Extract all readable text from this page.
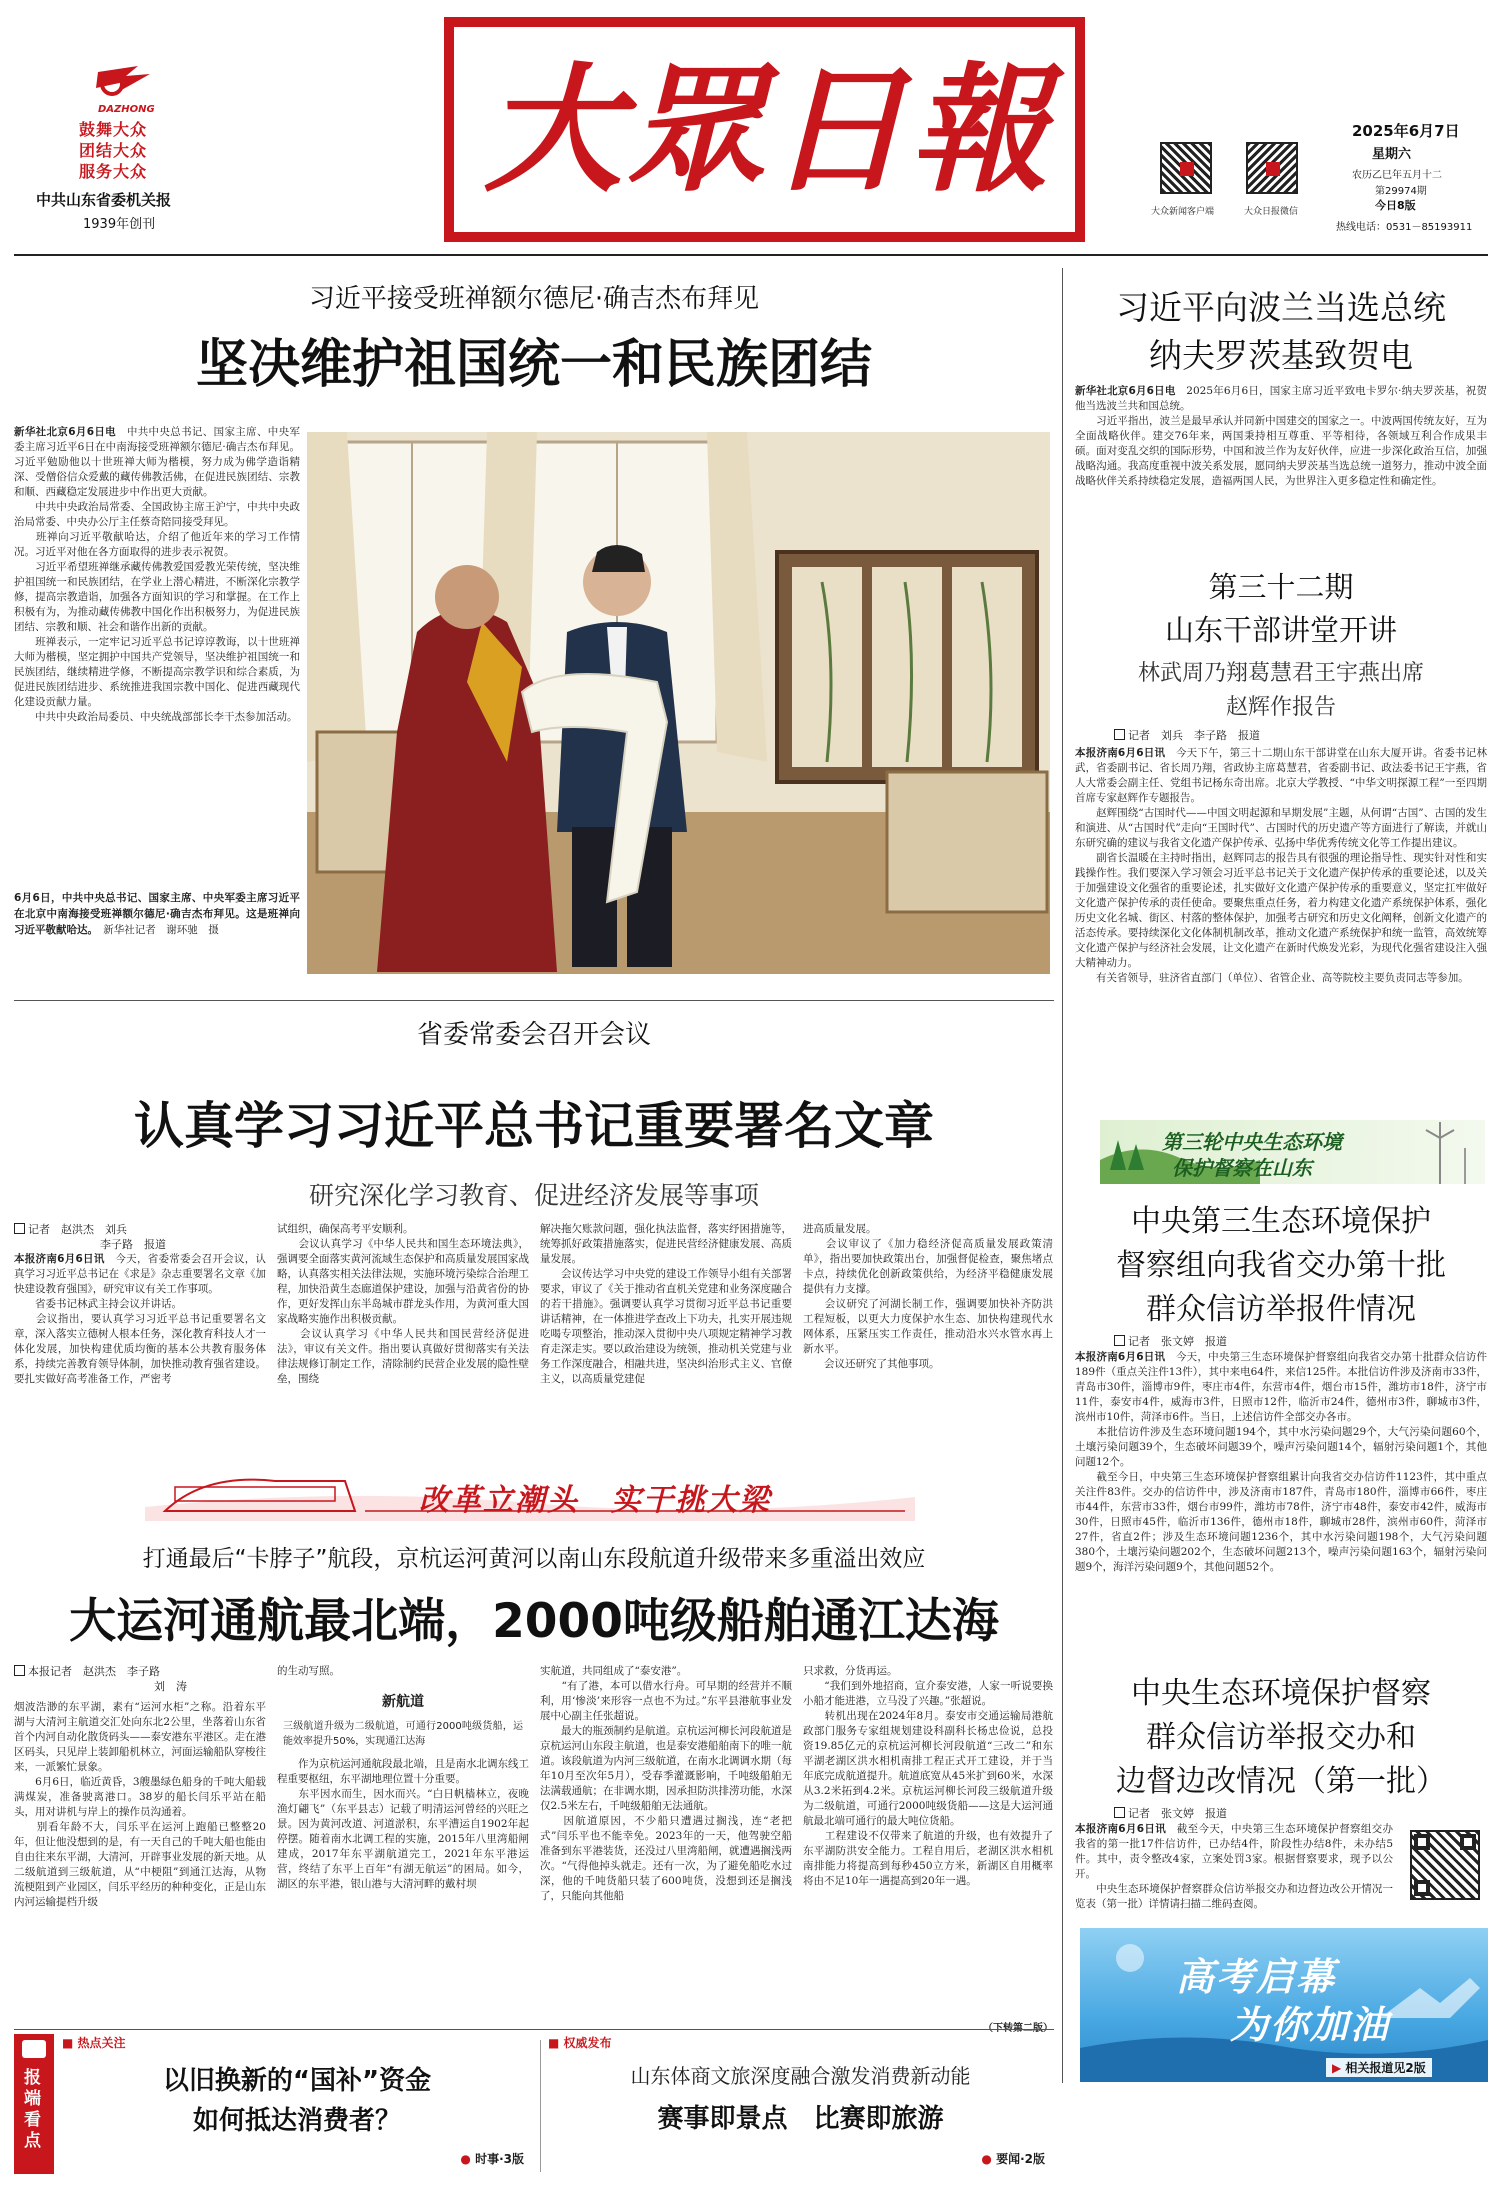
DAZHONG
鼓舞大众
团结大众
服务大众
中共山东省委机关报
1939年创刊
大眾日報
大众新闻客户端	大众日报微信
2025年6月7日
星期六
农历乙巳年五月十二
第29974期
今日8版
热线电话：0531－85193911
习近平接受班禅额尔德尼·确吉杰布拜见
坚决维护祖国统一和民族团结
新华社北京6月6日电　 中共中央总书记、国家主席、中央军委主席习近平6日在中南海接受班禅额尔德尼·确吉杰布拜见。习近平勉励他以十世班禅大师为楷模，努力成为佛学造诣精深、受僧俗信众爱戴的藏传佛教活佛，在促进民族团结、宗教和顺、西藏稳定发展进步中作出更大贡献。
　　中共中央政治局常委、全国政协主席王沪宁，中共中央政治局常委、中央办公厅主任蔡奇陪同接受拜见。
　　班禅向习近平敬献哈达，介绍了他近年来的学习工作情况。习近平对他在各方面取得的进步表示祝贺。
　　习近平希望班禅继承藏传佛教爱国爱教光荣传统，坚决维护祖国统一和民族团结，在学业上潜心精进，不断深化宗教学修，提高宗教造诣，加强各方面知识的学习和掌握。在工作上积极有为，为推动藏传佛教中国化作出积极努力，为促进民族团结、宗教和顺、社会和谐作出新的贡献。
　　班禅表示，一定牢记习近平总书记谆谆教诲，以十世班禅大师为楷模，坚定拥护中国共产党领导，坚决维护祖国统一和民族团结，继续精进学修，不断提高宗教学识和综合素质，为促进民族团结进步、系统推进我国宗教中国化、促进西藏现代化建设贡献力量。
　　中共中央政治局委员、中央统战部部长李干杰参加活动。
6月6日，中共中央总书记、国家主席、中央军委主席习近平在北京中南海接受班禅额尔德尼·确吉杰布拜见。这是班禅向习近平敬献哈达。　 新华社记者　谢环驰　摄
习近平向波兰当选总统
纳夫罗茨基致贺电
新华社北京6月6日电　 2025年6月6日，国家主席习近平致电卡罗尔·纳夫罗茨基，祝贺他当选波兰共和国总统。
　　习近平指出，波兰是最早承认并同新中国建交的国家之一。中波两国传统友好，互为全面战略伙伴。建交76年来，两国秉持相互尊重、平等相待，各领域互利合作成果丰硕。面对变乱交织的国际形势，中国和波兰作为友好伙伴，应进一步深化政治互信，加强战略沟通。我高度重视中波关系发展，愿同纳夫罗茨基当选总统一道努力，推动中波全面战略伙伴关系持续稳定发展，造福两国人民，为世界注入更多稳定性和确定性。
第三十二期
山东干部讲堂开讲
林武周乃翔葛慧君王宇燕出席
赵辉作报告
记者　刘兵　李子路　报道
本报济南6月6日讯　 今天下午，第三十二期山东干部讲堂在山东大厦开讲。省委书记林武，省委副书记、省长周乃翔，省政协主席葛慧君，省委副书记、政法委书记王宇燕，省人大常委会副主任、党组书记杨东奇出席。北京大学教授、“中华文明探源工程”一至四期首席专家赵辉作专题报告。
　　赵辉围绕“古国时代——中国文明起源和早期发展”主题，从何谓“古国”、古国的发生和演进、从“古国时代”走向“王国时代”、古国时代的历史遗产等方面进行了解读，并就山东研究确的建议与我省文化遗产保护传承、弘扬中华优秀传统文化等工作提出建议。
　　副省长温暖在主持时指出，赵辉同志的报告具有很强的理论指导性、现实针对性和实践操作性。我们要深入学习领会习近平总书记关于文化遗产保护传承的重要论述，以及关于加强建设文化强省的重要论述，扎实做好文化遗产保护传承的重要意义，坚定扛牢做好文化遗产保护传承的责任使命。要聚焦重点任务，着力构建文化遗产系统保护体系，强化历史文化名城、街区、村落的整体保护，加强考古研究和历史文化阐释，创新文化遗产的活态传承。要持续深化文化体制机制改革，推动文化遗产系统保护和统一监管，高效统筹文化遗产保护与经济社会发展，让文化遗产在新时代焕发光彩，为现代化强省建设注入强大精神动力。
　　有关省领导，驻济省直部门（单位）、省管企业、高等院校主要负责同志等参加。
第三轮中央生态环境
保护督察在山东
中央第三生态环境保护
督察组向我省交办第十批
群众信访举报件情况
记者　张文婷　报道
本报济南6月6日讯　 今天，中央第三生态环境保护督察组向我省交办第十批群众信访件189件（重点关注件13件），其中来电64件，来信125件。本批信访件涉及济南市33件，青岛市30件，淄博市9件，枣庄市4件，东营市4件，烟台市15件，潍坊市18件，济宁市11件，泰安市4件，威海市3件，日照市12件，临沂市24件，德州市3件，聊城市3件，滨州市10件，菏泽市6件。当日，上述信访件全部交办各市。
　　本批信访件涉及生态环境问题194个，其中水污染问题29个，大气污染问题60个，土壤污染问题39个，生态破坏问题39个，噪声污染问题14个，辐射污染问题1个，其他问题12个。
　　截至今日，中央第三生态环境保护督察组累计向我省交办信访件1123件，其中重点关注件83件。交办的信访件中，涉及济南市187件，青岛市180件，淄博市66件，枣庄市44件，东营市33件，烟台市99件，潍坊市78件，济宁市48件，泰安市42件，威海市30件，日照市45件，临沂市136件，德州市18件，聊城市28件，滨州市60件，菏泽市27件，省直2件；涉及生态环境问题1236个，其中水污染问题198个，大气污染问题380个，土壤污染问题202个，生态破坏问题213个，噪声污染问题163个，辐射污染问题9个，海洋污染问题9个，其他问题52个。
中央生态环境保护督察
群众信访举报交办和
边督边改情况（第一批）
记者　张文婷　报道
本报济南6月6日讯　 截至今天，中央第三生态环境保护督察组交办我省的第一批17件信访件，已办结4件，阶段性办结8件，未办结5件。其中，责令整改4家，立案处罚3家。根据督察要求，现予以公开。
　　中央生态环境保护督察群众信访举报交办和边督边改公开情况一览表（第一批）详情请扫描二维码查阅。
高考启幕
为你加油
▶ 相关报道见2版
省委常委会召开会议
认真学习习近平总书记重要署名文章
研究深化学习教育、促进经济发展等事项
记者　赵洪杰　刘兵
李子路　报道
本报济南6月6日讯　 今天，省委常委会召开会议，认真学习习近平总书记在《求是》杂志重要署名文章《加快建设教育强国》，研究审议有关工作事项。
　　省委书记林武主持会议并讲话。
　　会议指出，要认真学习习近平总书记重要署名文章，深入落实立德树人根本任务，深化教育科技人才一体化发展，加快构建优质均衡的基本公共教育服务体系，持续完善教育领导体制，加快推动教育强省建设。要扎实做好高考准备工作，严密考
试组织，确保高考平安顺利。
　　会议认真学习《中华人民共和国生态环境法典》，强调要全面落实黄河流域生态保护和高质量发展国家战略，认真落实相关法律法规，实施环境污染综合治理工程，加快沿黄生态廊道保护建设，加强与沿黄省份的协作，更好发挥山东半岛城市群龙头作用，为黄河重大国家战略实施作出积极贡献。
　　会议认真学习《中华人民共和国民营经济促进法》，审议有关文件。指出要认真做好贯彻落实有关法律法规修订制定工作，清除制约民营企业发展的隐性壁垒，围绕
解决拖欠账款问题，强化执法监督，落实纾困措施等，统筹抓好政策措施落实，促进民营经济健康发展、高质量发展。
　　会议传达学习中央党的建设工作领导小组有关部署要求，审议了《关于推动省直机关党建和业务深度融合的若干措施》。强调要认真学习贯彻习近平总书记重要讲话精神，在一体推进学查改上下功夫，扎实开展违规吃喝专项整治，推动深入贯彻中央八项规定精神学习教育走深走实。要以政治建设为统领，推动机关党建与业务工作深度融合，相融共进，坚决纠治形式主义、官僚主义，以高质量党建促
进高质量发展。
　　会议审议了《加力稳经济促高质量发展政策清单》，指出要加快政策出台，加强督促检查，聚焦堵点卡点，持续优化创新政策供给，为经济平稳健康发展提供有力支撑。
　　会议研究了河湖长制工作，强调要加快补齐防洪工程短板，以更大力度保护水生态、加快构建现代水网体系，压紧压实工作责任，推动沿水兴水管水再上新水平。
　　会议还研究了其他事项。
改革立潮头　实干挑大梁
打通最后“卡脖子”航段，京杭运河黄河以南山东段航道升级带来多重溢出效应
大运河通航最北端，2000吨级船舶通江达海
本报记者　赵洪杰　李子路
刘　涛
烟波浩渺的东平湖，素有“运河水柜”之称。沿着东平湖与大清河主航道交汇处向东北2公里，坐落着山东省首个内河自动化散货码头——泰安港东平港区。走在港区码头，只见岸上装卸船机林立，河面运输船队穿梭往来，一派繁忙景象。
　　6月6日，临近黄昏，3艘墨绿色船身的千吨大船载满煤炭，准备驶离港口。38岁的船长闫乐平站在船头，用对讲机与岸上的操作员沟通着。
　　别看年龄不大，闫乐平在运河上跑船已整整20年，但让他没想到的是，有一天自己的千吨大船也能由自由往来东平湖，大清河，开辟事业发展的新天地。从二级航道到三级航道，从“中梗阻”到通江达海，从物流梗阻到产业园区，闫乐平经历的种种变化，正是山东内河运输提档升级
的生动写照。
新航道
三级航道升级为二级航道，可通行2000吨级货船，运能效率提升50%，实现通江达海
　　作为京杭运河通航段最北端，且是南水北调东线工程重要枢纽，东平湖地理位置十分重要。
　　东平因水而生，因水而兴。“白日帆樯林立，夜晚渔灯翩飞”（东平县志）记载了明清运河曾经的兴旺之景。因为黄河改道、河道淤积，东平漕运自1902年起停摆。随着南水北调工程的实施，2015年八里湾船闸建成，2017年东平湖航道完工，2021年东平港运营，终结了东平上百年“有湖无航运”的困局。如今，湖区的东平港，银山港与大清河畔的戴村坝
实航道，共同组成了“泰安港”。
　　“有了港，本可以借水行舟。可早期的经营并不顺利，用‘惨淡’来形容一点也不为过。”东平县港航事业发展中心副主任张超说。
　　最大的瓶颈制约是航道。京杭运河柳长河段航道是京杭运河山东段主航道，也是泰安港船舶南下的唯一航道。该段航道为内河三级航道，在南水北调调水期（每年10月至次年5月），受春季灌溉影响，千吨级船舶无法满载通航；在非调水期，因承担防洪排涝功能，水深仅2.5米左右，千吨级船舶无法通航。
　　因航道原因，不少船只遭遇过搁浅，连“老把式”闫乐平也不能幸免。2023年的一天，他驾驶空船准备到东平港装货，还没过八里湾船闸，就遭遇搁浅两次。“气得他掉头就走。还有一次，为了避免船吃水过深，他的千吨货船只装了600吨货，没想到还是搁浅了，只能向其他船
只求救，分货再运。
　　“我们到外地招商，宣介泰安港，人家一听说要换小船才能进港，立马没了兴趣。”张超说。
　　转机出现在2024年8月。泰安市交通运输局港航政部门服务专家组规划建设科副科长杨忠俭说，总投资19.85亿元的京杭运河柳长河段航道“三改二”和东平湖老湖区洪水相机南排工程正式开工建设，并于当年底完成航道提升。航道底宽从45米扩到60米，水深从3.2米拓到4.2米。京杭运河柳长河段三级航道升级为二级航道，可通行2000吨级货船——这是大运河通航最北端可通行的最大吨位货船。
　　工程建设不仅带来了航道的升级，也有效提升了东平湖防洪安全能力。工程自用后，老湖区洪水相机南排能力将提高到每秒450立方米，新湖区自用概率将由不足10年一遇提高到20年一遇。
报端看点
■ 热点关注
以旧换新的“国补”资金
如何抵达消费者？
● 时事·3版
■ 权威发布
山东体商文旅深度融合激发消费新动能
赛事即景点　比赛即旅游
● 要闻·2版
